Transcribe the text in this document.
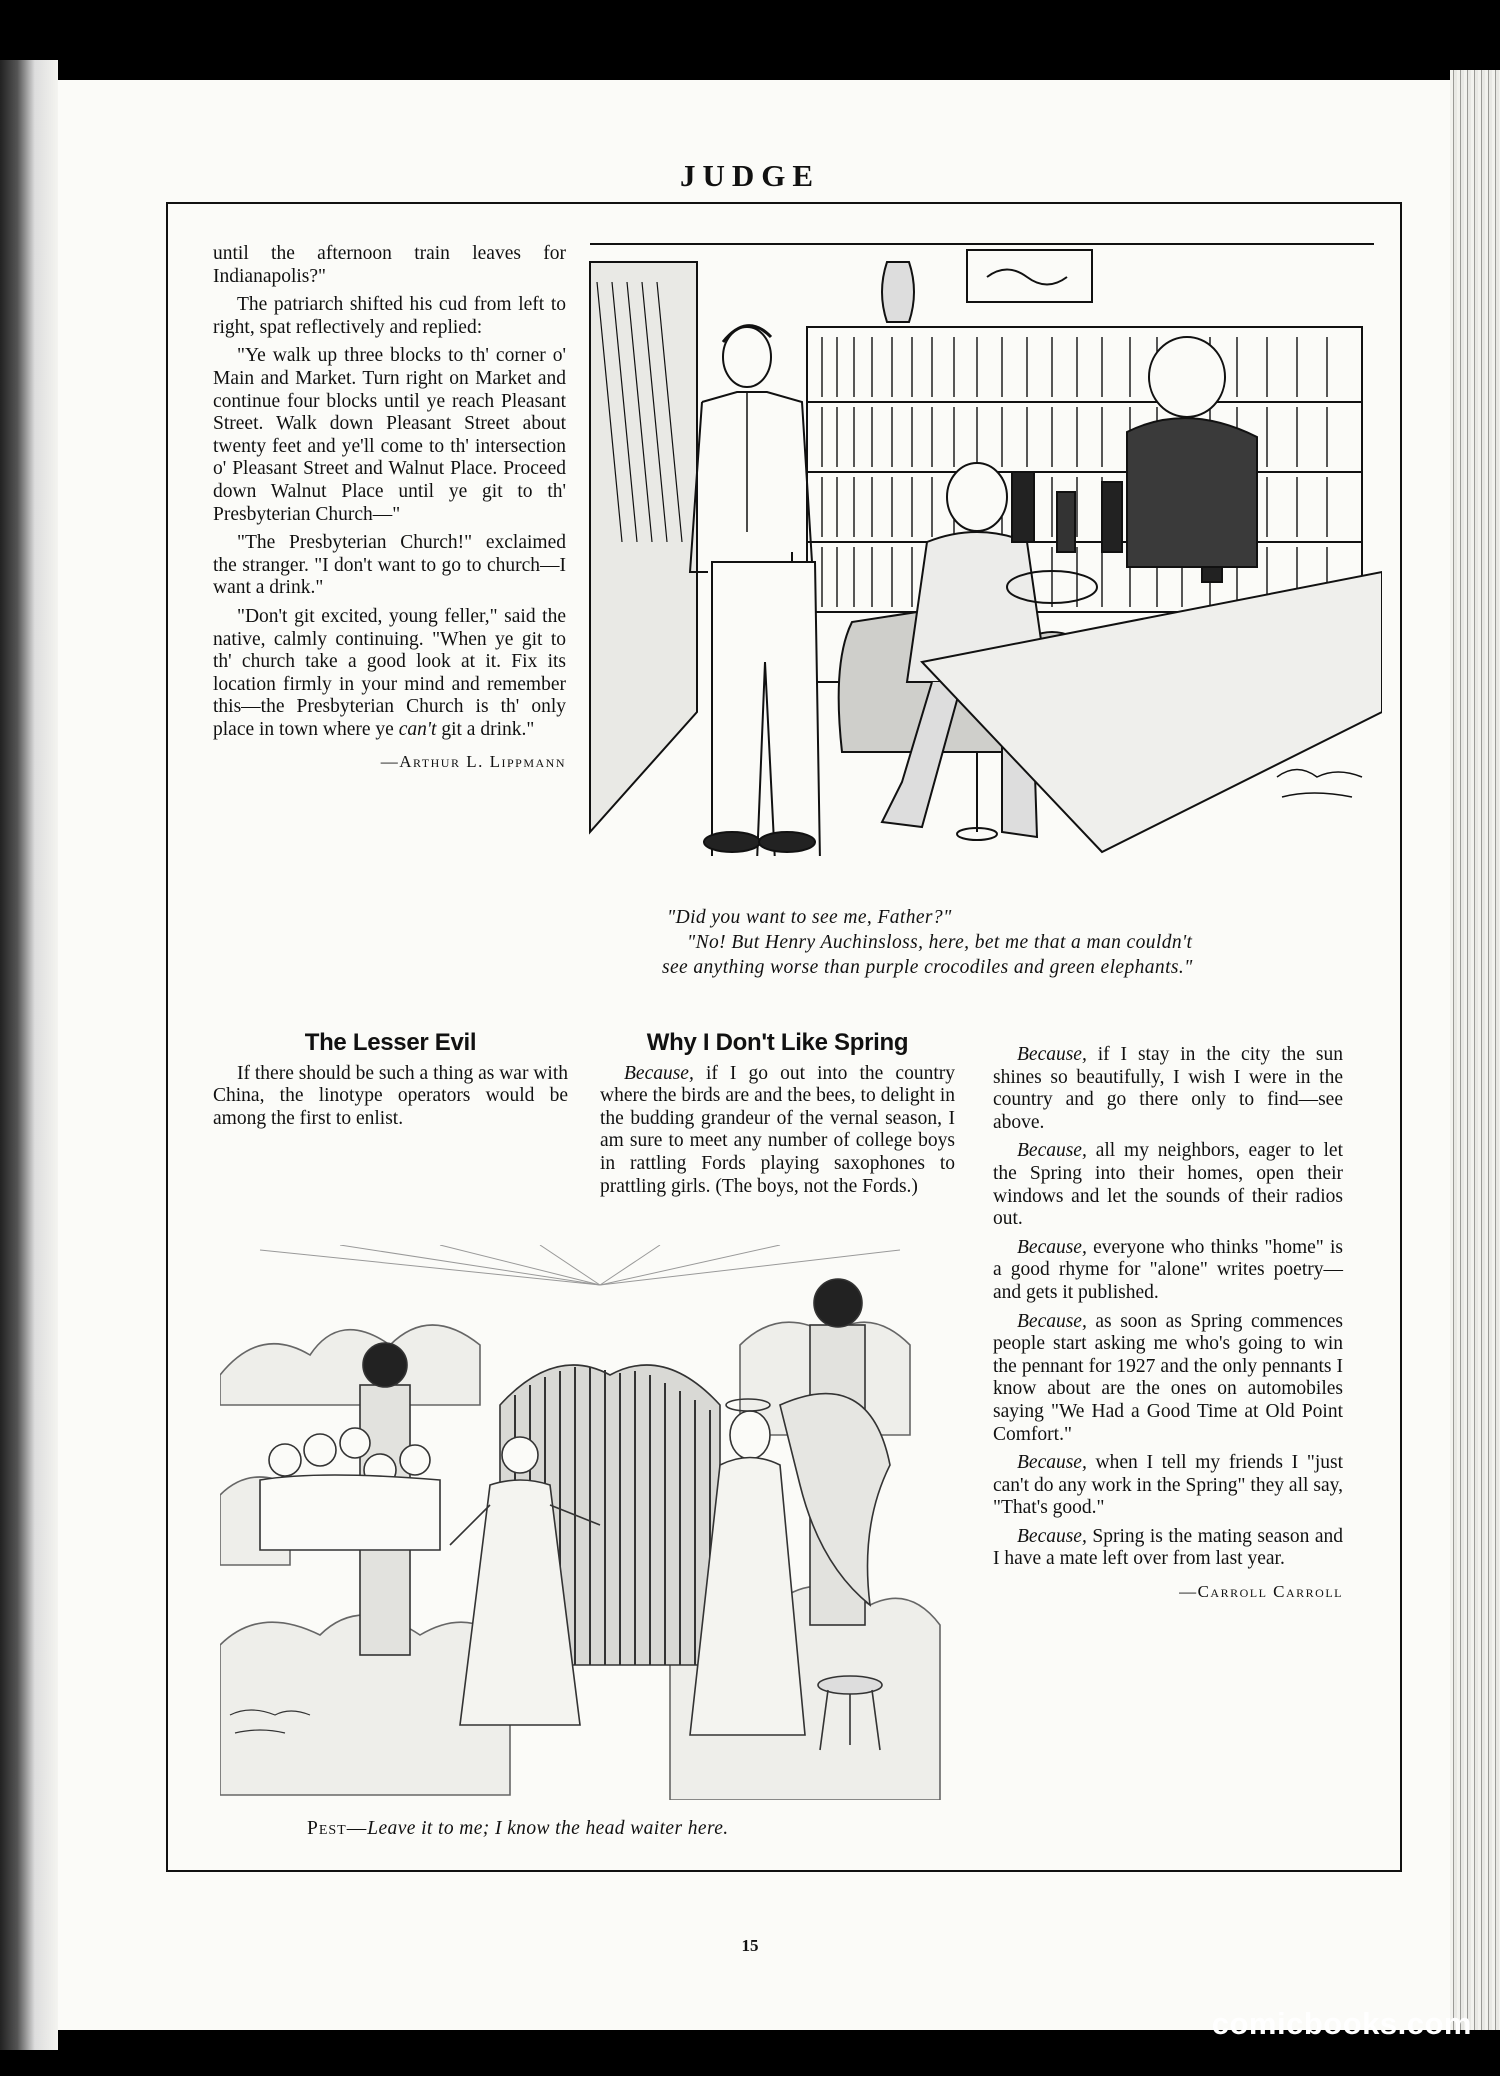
JUDGE

until the afternoon train leaves for Indianapolis?"

The patriarch shifted his cud from left to right, spat reflectively and replied:

"Ye walk up three blocks to th' corner o' Main and Market. Turn right on Market and continue four blocks until ye reach Pleasant Street. Walk down Pleasant Street about twenty feet and ye'll come to th' intersection o' Pleasant Street and Walnut Place. Proceed down Walnut Place until ye git to th' Presbyterian Church—"

"The Presbyterian Church!" exclaimed the stranger. "I don't want to go to church—I want a drink."

"Don't git excited, young feller," said the native, calmly continuing. "When ye git to th' church take a good look at it. Fix its location firmly in your mind and remember this—the Presbyterian Church is th' only place in town where ye can't git a drink."

—Arthur L. Lippmann
"Did you want to see me, Father?"
"No! But Henry Auchinsloss, here, bet me that a man couldn't
see anything worse than purple crocodiles and green elephants."
The Lesser Evil

If there should be such a thing as war with China, the linotype operators would be among the first to enlist.

Why I Don't Like Spring

Because, if I go out into the country where the birds are and the bees, to delight in the budding grandeur of the vernal season, I am sure to meet any number of college boys in rattling Fords playing saxophones to prattling girls. (The boys, not the Fords.)

Because, if I stay in the city the sun shines so beautifully, I wish I were in the country and go there only to find—see above.

Because, all my neighbors, eager to let the Spring into their homes, open their windows and let the sounds of their radios out.

Because, everyone who thinks "home" is a good rhyme for "alone" writes poetry—and gets it published.

Because, as soon as Spring commences people start asking me who's going to win the pennant for 1927 and the only pennants I know about are the ones on automobiles saying "We Had a Good Time at Old Point Comfort."

Because, when I tell my friends I "just can't do any work in the Spring" they all say, "That's good."

Because, Spring is the mating season and I have a mate left over from last year.

—Carroll Carroll
Pest—Leave it to me; I know the head waiter here.
15
comicbooks.com
